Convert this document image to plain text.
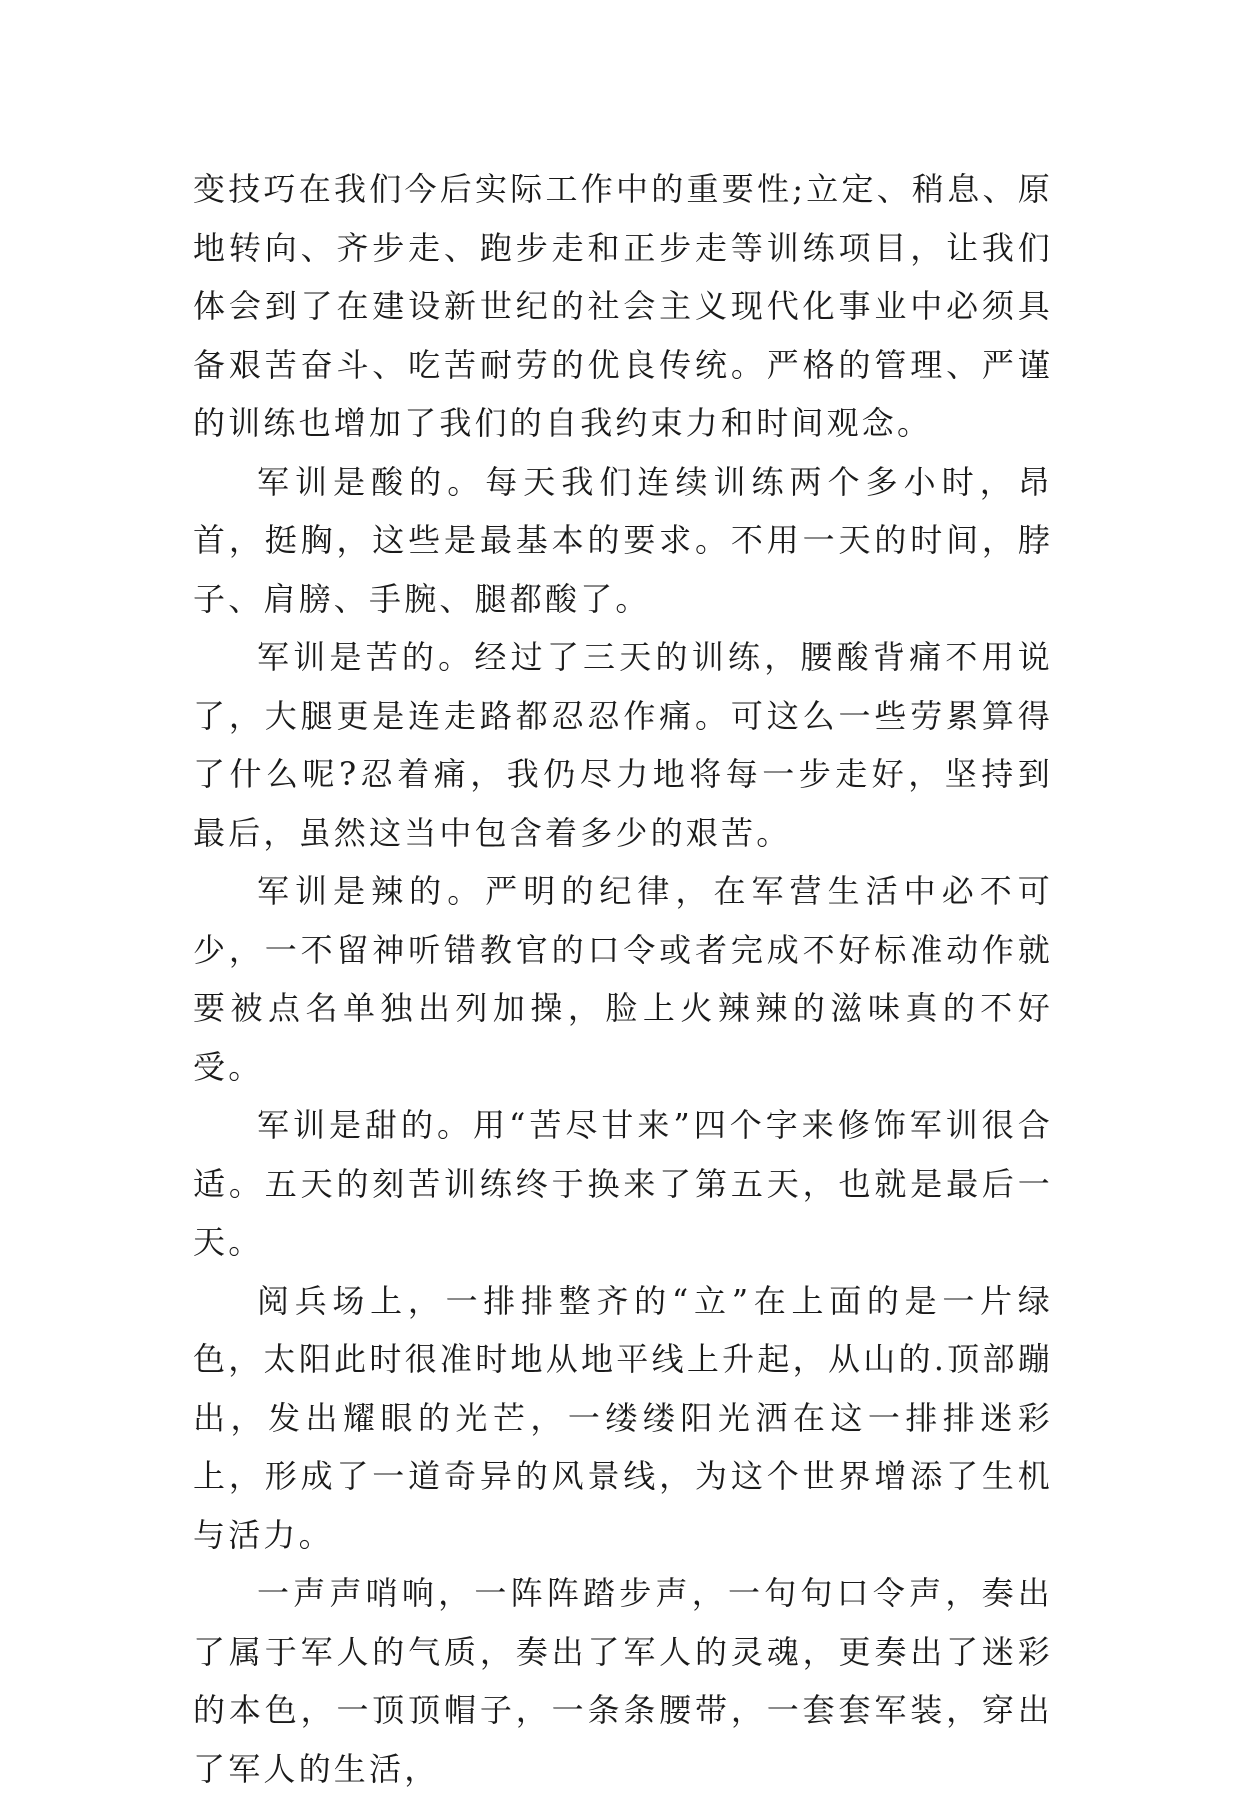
变技巧在我们今后实际工作中的重要性;立定、稍息、原地转向、齐步走、跑步走和正步走等训练项目，让我们体会到了在建设新世纪的社会主义现代化事业中必须具备艰苦奋斗、吃苦耐劳的优良传统。严格的管理、严谨的训练也增加了我们的自我约束力和时间观念。

军训是酸的。每天我们连续训练两个多小时，昂首，挺胸，这些是最基本的要求。不用一天的时间，脖子、肩膀、手腕、腿都酸了。

军训是苦的。经过了三天的训练，腰酸背痛不用说了，大腿更是连走路都忍忍作痛。可这么一些劳累算得了什么呢?忍着痛，我仍尽力地将每一步走好，坚持到最后，虽然这当中包含着多少的艰苦。

军训是辣的。严明的纪律，在军营生活中必不可少，一不留神听错教官的口令或者完成不好标准动作就要被点名单独出列加操，脸上火辣辣的滋味真的不好受。

军训是甜的。用“苦尽甘来”四个字来修饰军训很合适。五天的刻苦训练终于换来了第五天，也就是最后一天。

阅兵场上，一排排整齐的“立”在上面的是一片绿色，太阳此时很准时地从地平线上升起，从山的.顶部蹦出，发出耀眼的光芒，一缕缕阳光洒在这一排排迷彩上，形成了一道奇异的风景线，为这个世界增添了生机与活力。

一声声哨响，一阵阵踏步声，一句句口令声，奏出了属于军人的气质，奏出了军人的灵魂，更奏出了迷彩的本色，一顶顶帽子，一条条腰带，一套套军装，穿出了军人的生活，
